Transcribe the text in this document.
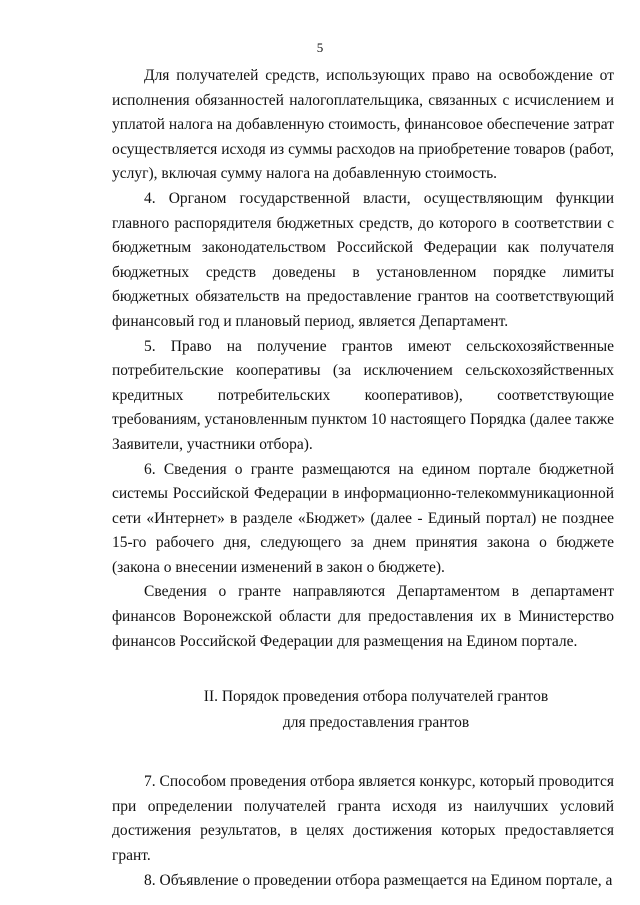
5

Для получателей средств, использующих право на освобождение от исполнения обязанностей налогоплательщика, связанных с исчислением и уплатой налога на добавленную стоимость, финансовое обеспечение затрат осуществляется исходя из суммы расходов на приобретение товаров (работ, услуг), включая сумму налога на добавленную стоимость.

4. Органом государственной власти, осуществляющим функции главного распорядителя бюджетных средств, до которого в соответствии с бюджетным законодательством Российской Федерации как получателя бюджетных средств доведены в установленном порядке лимиты бюджетных обязательств на предоставление грантов на соответствующий финансовый год и плановый период, является Департамент.

5. Право на получение грантов имеют сельскохозяйственные потребительские кооперативы (за исключением сельскохозяйственных кредитных потребительских кооперативов), соответствующие требованиям, установленным пунктом 10 настоящего Порядка (далее также Заявители, участники отбора).

6. Сведения о гранте размещаются на едином портале бюджетной системы Российской Федерации в информационно-телекоммуникационной сети «Интернет» в разделе «Бюджет» (далее - Единый портал) не позднее 15-го рабочего дня, следующего за днем принятия закона о бюджете (закона о внесении изменений в закон о бюджете).

Сведения о гранте направляются Департаментом в департамент финансов Воронежской области для предоставления их в Министерство финансов Российской Федерации для размещения на Едином портале.

II. Порядок проведения отбора получателей грантов
для предоставления грантов

7. Способом проведения отбора является конкурс, который проводится при определении получателей гранта исходя из наилучших условий достижения результатов, в целях достижения которых предоставляется грант.

8. Объявление о проведении отбора размещается на Едином портале, а
